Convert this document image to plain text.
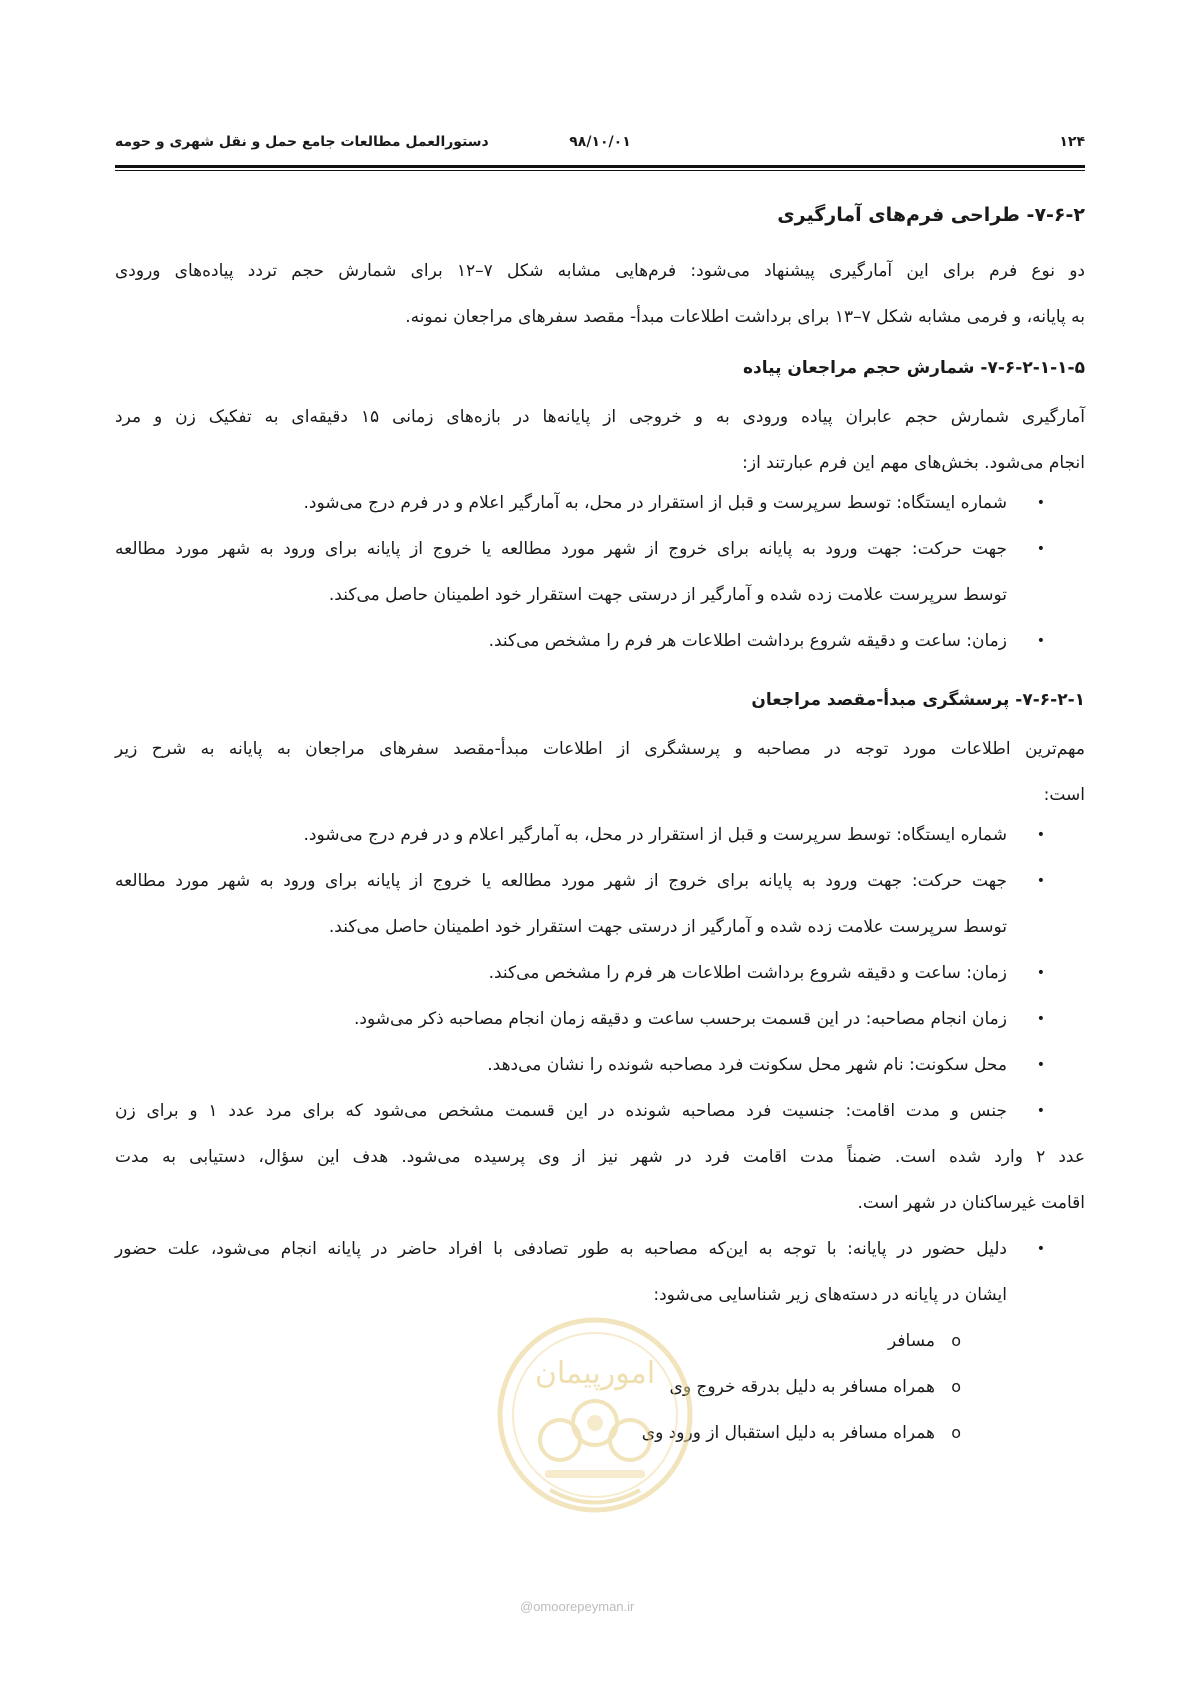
۱۲۴
۹۸/۱۰/۰۱
دستورالعمل مطالعات جامع حمل و نقل شهری و حومه
۷-۶-۲- طراحی فرم‌های آمارگیری
دو نوع فرم برای این آمارگیری پیشنهاد می‌شود: فرم‌هایی مشابه شکل ۷–۱۲ برای شمارش حجم تردد پیاده‌های ورودی
به پایانه، و فرمی مشابه شکل ۷–۱۳ برای برداشت اطلاعات مبدأ- مقصد سفرهای مراجعان نمونه.
۷-۶-۲-۱-۱-۵- شمارش حجم مراجعان پیاده
آمارگیری شمارش حجم عابران پیاده ورودی به و خروجی از پایانه‌ها در بازه‌های زمانی ۱۵ دقیقه‌ای به تفکیک زن و مرد
انجام می‌شود. بخش‌های مهم این فرم عبارتند از:
•
شماره ایستگاه: توسط سرپرست و قبل از استقرار در محل، به آمارگیر اعلام و در فرم درج می‌شود.
•
جهت حرکت: جهت ورود به پایانه برای خروج از شهر مورد مطالعه یا خروج از پایانه برای ورود به شهر مورد مطالعه
توسط سرپرست علامت زده شده و آمارگیر از درستی جهت استقرار خود اطمینان حاصل می‌کند.
•
زمان: ساعت و دقیقه شروع برداشت اطلاعات هر فرم را مشخص می‌کند.
۷-۶-۲-۱- پرسشگری مبدأ-مقصد مراجعان
مهم‌ترین اطلاعات مورد توجه در مصاحبه و پرسشگری از اطلاعات مبدأ-مقصد سفرهای مراجعان به پایانه به شرح زیر
است:
•
شماره ایستگاه: توسط سرپرست و قبل از استقرار در محل، به آمارگیر اعلام و در فرم درج می‌شود.
•
جهت حرکت: جهت ورود به پایانه برای خروج از شهر مورد مطالعه یا خروج از پایانه برای ورود به شهر مورد مطالعه
توسط سرپرست علامت زده شده و آمارگیر از درستی جهت استقرار خود اطمینان حاصل می‌کند.
•
زمان: ساعت و دقیقه شروع برداشت اطلاعات هر فرم را مشخص می‌کند.
•
زمان انجام مصاحبه: در این قسمت برحسب ساعت و دقیقه زمان انجام مصاحبه ذکر می‌شود.
•
محل سکونت: نام شهر محل سکونت فرد مصاحبه شونده را نشان می‌دهد.
•
جنس و مدت اقامت: جنسیت فرد مصاحبه شونده در این قسمت مشخص می‌شود که برای مرد عدد ۱ و برای زن
عدد ۲ وارد شده است. ضمناً مدت اقامت فرد در شهر نیز از وی پرسیده می‌شود. هدف این سؤال، دستیابی به مدت
اقامت غیرساکنان در شهر است.
•
دلیل حضور در پایانه: با توجه به این‌که مصاحبه به طور تصادفی با افراد حاضر در پایانه انجام می‌شود، علت حضور
ایشان در پایانه در دسته‌های زیر شناسایی می‌شود:
o
مسافر
o
همراه مسافر به دلیل بدرقه خروج وی
o
همراه مسافر به دلیل استقبال از ورود وی
امورپیمان
@omoorepeyman.ir
